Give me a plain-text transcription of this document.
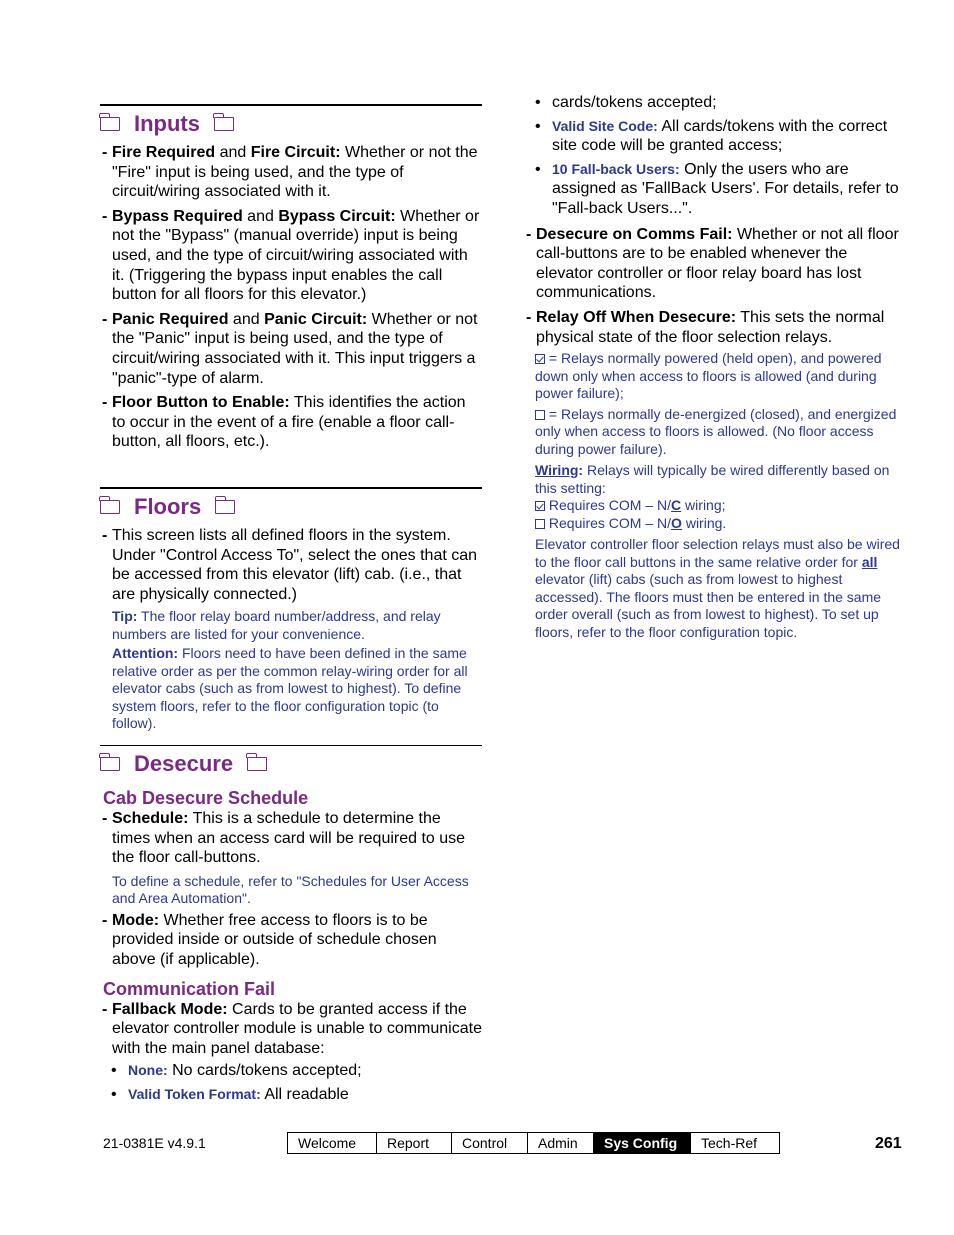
Inputs

- Fire Required and Fire Circuit: Whether or not the "Fire" input is being used, and the type of circuit/wiring associated with it.

- Bypass Required and Bypass Circuit: Whether or not the "Bypass" (manual override) input is being used, and the type of circuit/wiring associated with it. (Triggering the bypass input enables the call button for all floors for this elevator.)

- Panic Required and Panic Circuit: Whether or not the "Panic" input is being used, and the type of circuit/wiring associated with it. This input triggers a "panic"-type of alarm.

- Floor Button to Enable: This identifies the action to occur in the event of a fire (enable a floor call-button, all floors, etc.).

Floors

- This screen lists all defined floors in the system. Under "Control Access To", select the ones that can be accessed from this elevator (lift) cab. (i.e., that are physically connected.)

Tip: The floor relay board number/address, and relay numbers are listed for your convenience.

Attention: Floors need to have been defined in the same relative order as per the common relay-wiring order for all elevator cabs (such as from lowest to highest). To define system floors, refer to the floor configuration topic (to follow).

Desecure

Cab Desecure Schedule

- Schedule: This is a schedule to determine the times when an access card will be required to use the floor call-buttons.

To define a schedule, refer to "Schedules for User Access and Area Automation".

- Mode: Whether free access to floors is to be provided inside or outside of schedule chosen above (if applicable).

Communication Fail

- Fallback Mode: Cards to be granted access if the elevator controller module is unable to communicate with the main panel database:

• None: No cards/tokens accepted;

• Valid Token Format: All readable

• cards/tokens accepted;

• Valid Site Code: All cards/tokens with the correct site code will be granted access;

• 10 Fall-back Users: Only the users who are assigned as 'FallBack Users'. For details, refer to "Fall-back Users...".

- Desecure on Comms Fail: Whether or not all floor call-buttons are to be enabled whenever the elevator controller or floor relay board has lost communications.

- Relay Off When Desecure: This sets the normal physical state of the floor selection relays.

= Relays normally powered (held open), and powered down only when access to floors is allowed (and during power failure);

= Relays normally de-energized (closed), and energized only when access to floors is allowed. (No floor access during power failure).

Wiring: Relays will typically be wired differently based on this setting:

Requires COM – N/C wiring;

Requires COM – N/O wiring.

Elevator controller floor selection relays must also be wired to the floor call buttons in the same relative order for all elevator (lift) cabs (such as from lowest to highest accessed). The floors must then be entered in the same order overall (such as from lowest to highest). To set up floors, refer to the floor configuration topic.

21-0381E v4.9.1	Welcome	Report	Control	Admin	Sys Config	Tech-Ref	261
